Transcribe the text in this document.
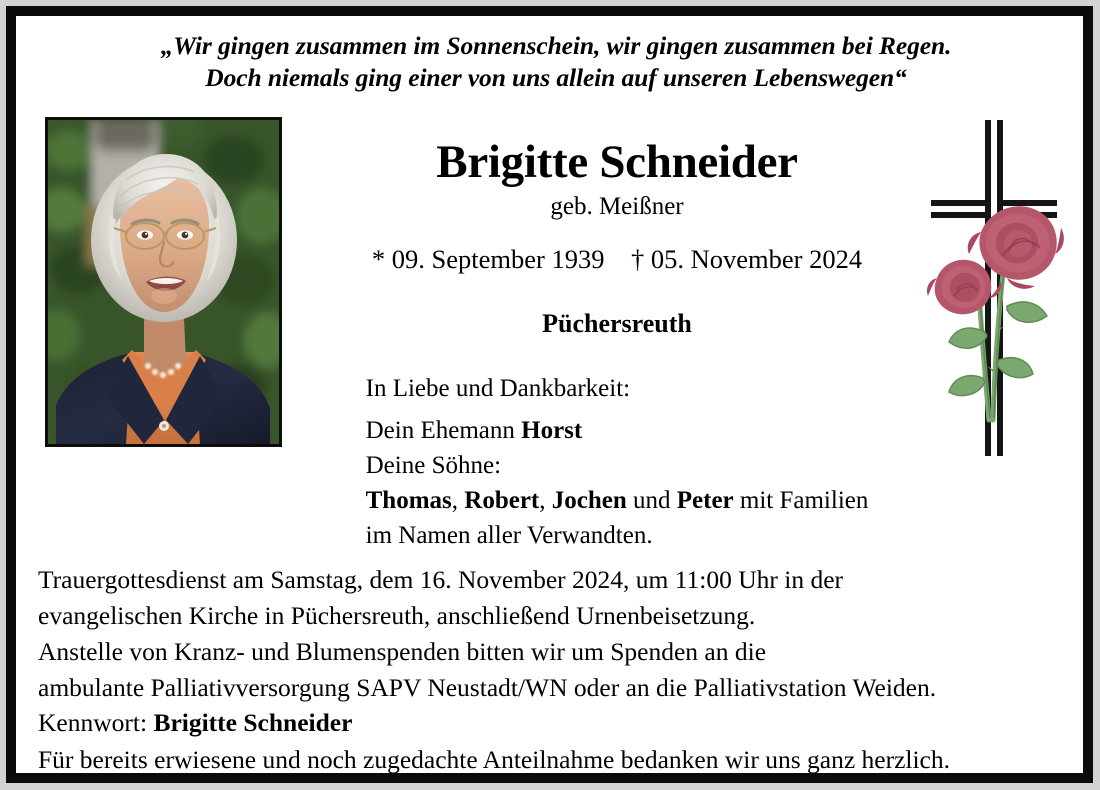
„Wir gingen zusammen im Sonnenschein, wir gingen zusammen bei Regen.
Doch niemals ging einer von uns allein auf unseren Lebenswegen“
Brigitte Schneider
geb. Meißner
* 09. September 1939    † 05. November 2024
Püchersreuth
In Liebe und Dankbarkeit:
Dein Ehemann Horst
Deine Söhne:
Thomas, Robert, Jochen und Peter mit Familien
im Namen aller Verwandten.
Trauergottesdienst am Samstag, dem 16. November 2024, um 11:00 Uhr in der
evangelischen Kirche in Püchersreuth, anschließend Urnenbeisetzung.
Anstelle von Kranz- und Blumenspenden bitten wir um Spenden an die
ambulante Palliativversorgung SAPV Neustadt/WN oder an die Palliativstation Weiden.
Kennwort: Brigitte Schneider
Für bereits erwiesene und noch zugedachte Anteilnahme bedanken wir uns ganz herzlich.
